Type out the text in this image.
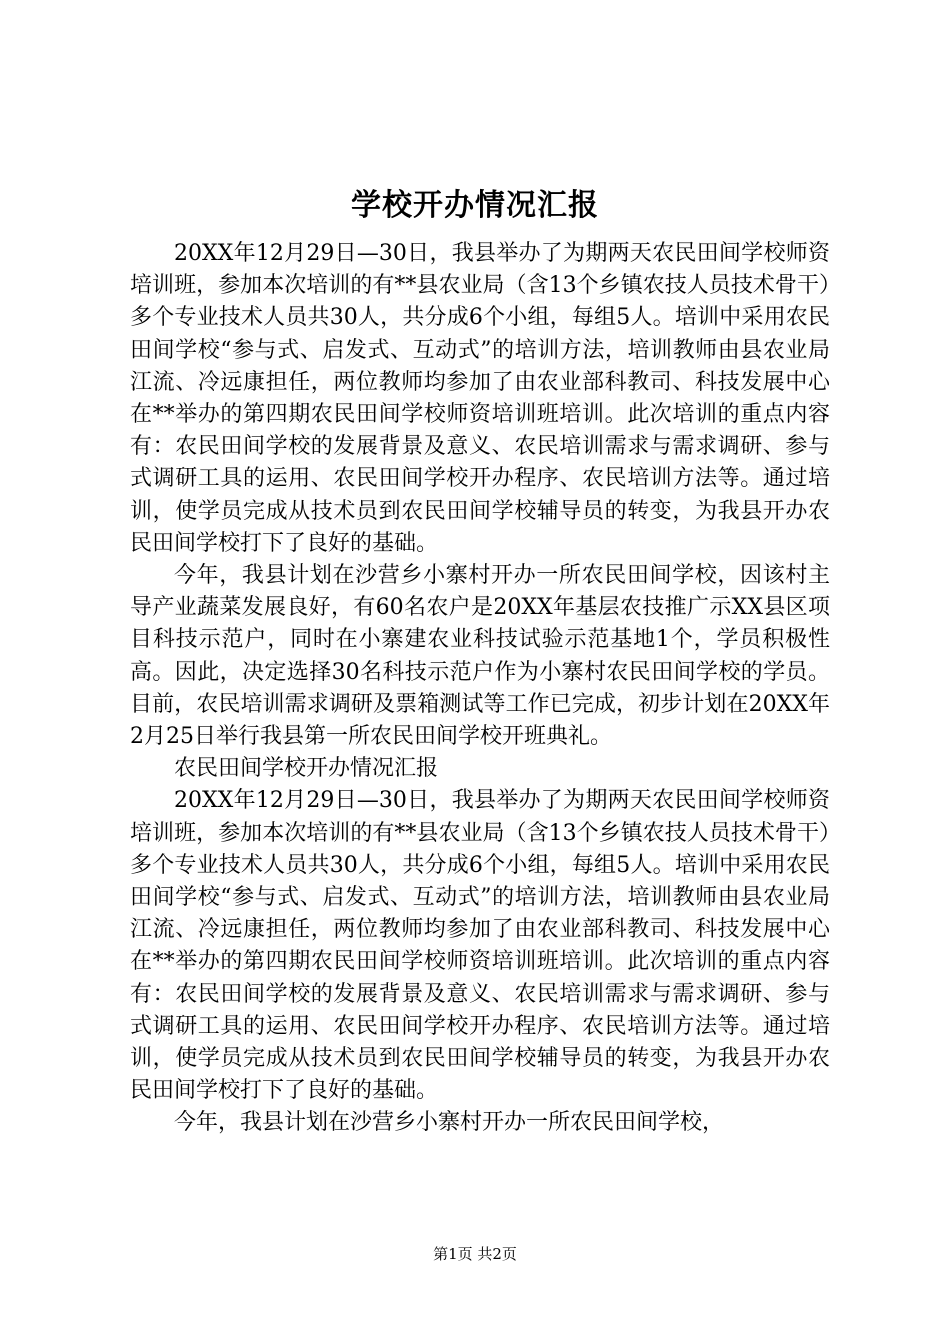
学校开办情况汇报

20XX年12月29日—30日，我县举办了为期两天农民田间学校师资培训班，参加本次培训的有**县农业局（含13个乡镇农技人员技术骨干）多个专业技术人员共30人，共分成6个小组，每组5人。培训中采用农民田间学校“参与式、启发式、互动式”的培训方法，培训教师由县农业局江流、冷远康担任，两位教师均参加了由农业部科教司、科技发展中心在**举办的第四期农民田间学校师资培训班培训。此次培训的重点内容有：农民田间学校的发展背景及意义、农民培训需求与需求调研、参与式调研工具的运用、农民田间学校开办程序、农民培训方法等。通过培训，使学员完成从技术员到农民田间学校辅导员的转变，为我县开办农民田间学校打下了良好的基础。

今年，我县计划在沙营乡小寨村开办一所农民田间学校，因该村主导产业蔬菜发展良好，有60名农户是20XX年基层农技推广示XX县区项目科技示范户，同时在小寨建农业科技试验示范基地1个，学员积极性高。因此，决定选择30名科技示范户作为小寨村农民田间学校的学员。目前，农民培训需求调研及票箱测试等工作已完成，初步计划在20XX年2月25日举行我县第一所农民田间学校开班典礼。

农民田间学校开办情况汇报

20XX年12月29日—30日，我县举办了为期两天农民田间学校师资培训班，参加本次培训的有**县农业局（含13个乡镇农技人员技术骨干）多个专业技术人员共30人，共分成6个小组，每组5人。培训中采用农民田间学校“参与式、启发式、互动式”的培训方法，培训教师由县农业局江流、冷远康担任，两位教师均参加了由农业部科教司、科技发展中心在**举办的第四期农民田间学校师资培训班培训。此次培训的重点内容有：农民田间学校的发展背景及意义、农民培训需求与需求调研、参与式调研工具的运用、农民田间学校开办程序、农民培训方法等。通过培训，使学员完成从技术员到农民田间学校辅导员的转变，为我县开办农民田间学校打下了良好的基础。

今年，我县计划在沙营乡小寨村开办一所农民田间学校，

第1页 共2页
